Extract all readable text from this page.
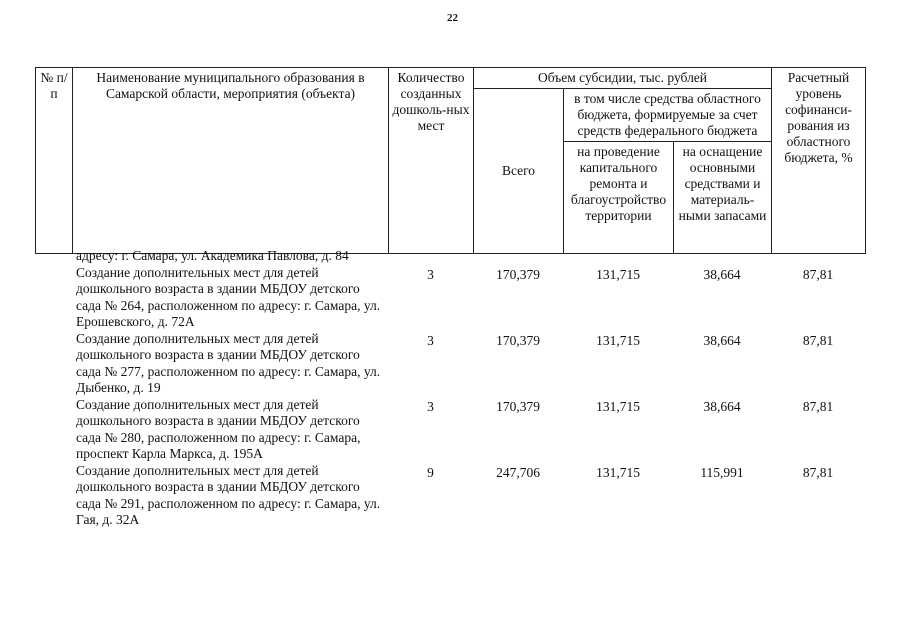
22
№ п/п	Наименование муниципального образования в Самарской области, мероприятия (объекта)	Количество созданных дошколь-ных мест	Объем субсидии, тыс. рублей			Расчетный уровень софинанси-рования из областного бюджета, %
			Всего	в том числе средства областного бюджета, формируемые за счет средств федерального бюджета		
				на проведение капитального ремонта и благоустройство территории	на оснащение основными средствами и материаль-ными запасами	
	адресу: г. Самара, ул. Академика Павлова, д. 84					
	Создание дополнительных мест для детей дошкольного возраста в здании МБДОУ детского сада № 264, расположенном по адресу: г. Самара, ул. Ерошевского, д. 72А	3	170,379	131,715	38,664	87,81
	Создание дополнительных мест для детей дошкольного возраста в здании МБДОУ детского сада № 277, расположенном по адресу: г. Самара, ул. Дыбенко, д. 19	3	170,379	131,715	38,664	87,81
	Создание дополнительных мест для детей дошкольного возраста в здании МБДОУ детского сада № 280, расположенном по адресу: г. Самара, проспект Карла Маркса, д. 195А	3	170,379	131,715	38,664	87,81
	Создание дополнительных мест для детей дошкольного возраста в здании МБДОУ детского сада № 291, расположенном по адресу: г. Самара, ул. Гая, д. 32А	9	247,706	131,715	115,991	87,81
